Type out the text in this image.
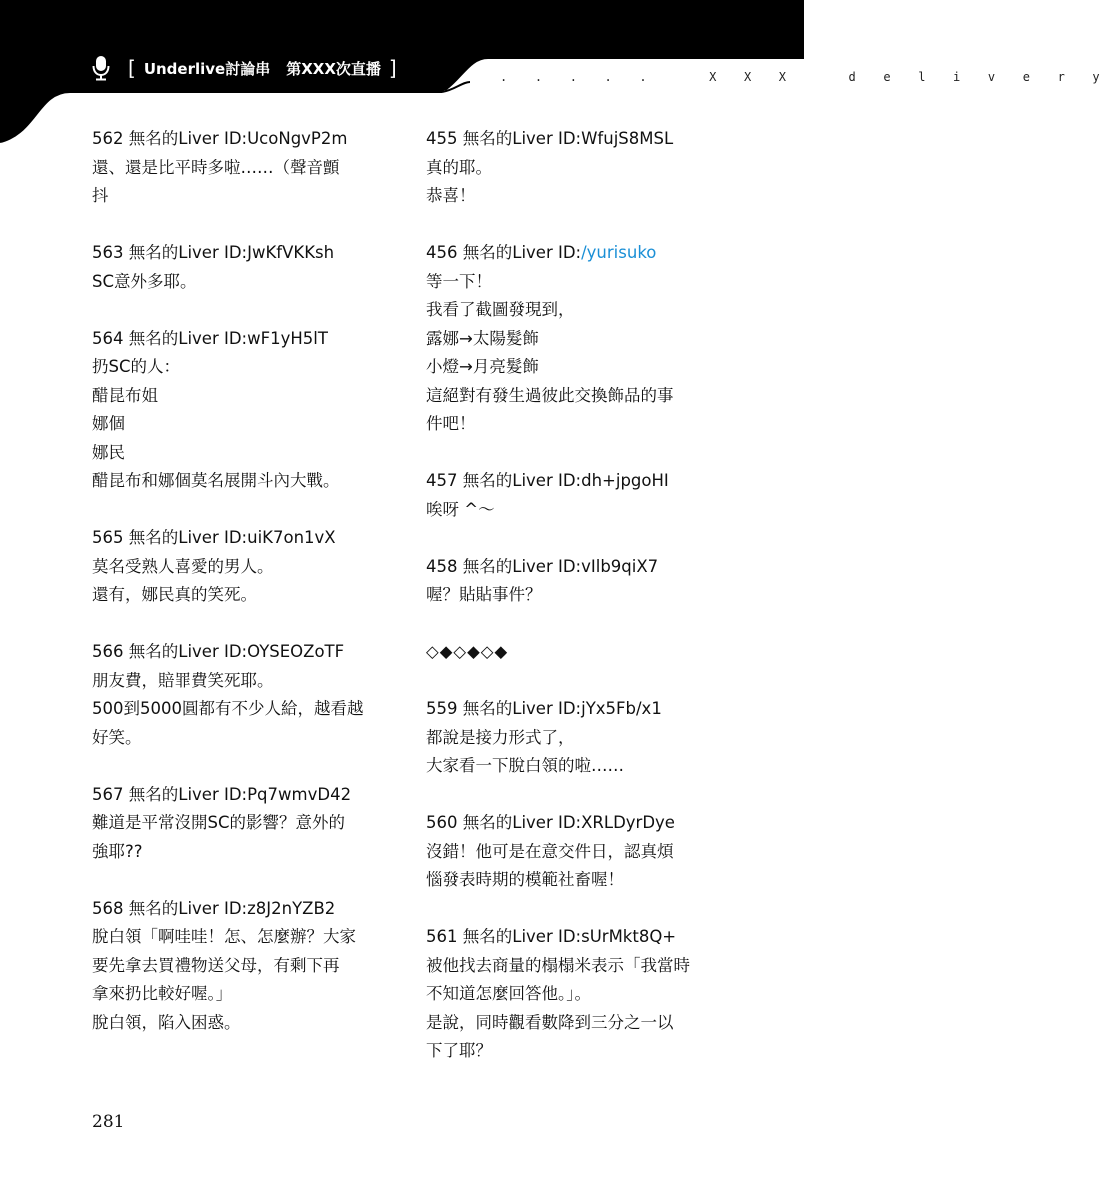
[ Underlive討論串 第XXX次直播 ]	. . . . .   X X X   d e l i v e r y
562 無名的Liver ID:UcoNgvP2m
還、還是比平時多啦……（聲音顫
抖
563 無名的Liver ID:JwKfVKKsh
SC意外多耶。
564 無名的Liver ID:wF1yH5lT
扔SC的人：
醋昆布姐
娜個
娜民
醋昆布和娜個莫名展開斗內大戰。
565 無名的Liver ID:uiK7on1vX
莫名受熟人喜愛的男人。
還有，娜民真的笑死。
566 無名的Liver ID:OYSEOZoTF
朋友費，賠罪費笑死耶。
500到5000圓都有不少人給，越看越
好笑。
567 無名的Liver ID:Pq7wmvD42
難道是平常沒開SC的影響？意外的
強耶??
568 無名的Liver ID:z8J2nYZB2
脫白領「啊哇哇！怎、怎麼辦？大家
要先拿去買禮物送父母，有剩下再
拿來扔比較好喔。」
脫白領，陷入困惑。
455 無名的Liver ID:WfujS8MSL
真的耶。
恭喜！
456 無名的Liver ID:/yurisuko
等一下！
我看了截圖發現到，
露娜→太陽髮飾
小燈→月亮髮飾
這絕對有發生過彼此交換飾品的事
件吧！
457 無名的Liver ID:dh+jpgoHI
唉呀 ^～
458 無名的Liver ID:vIlb9qiX7
喔？貼貼事件？
◇◆◇◆◇◆
559 無名的Liver ID:jYx5Fb/x1
都說是接力形式了，
大家看一下脫白領的啦……
560 無名的Liver ID:XRLDyrDye
沒錯！他可是在意交件日，認真煩
惱發表時期的模範社畜喔！
561 無名的Liver ID:sUrMkt8Q+
被他找去商量的榻榻米表示「我當時
不知道怎麼回答他。」。
是說，同時觀看數降到三分之一以
下了耶？
281
